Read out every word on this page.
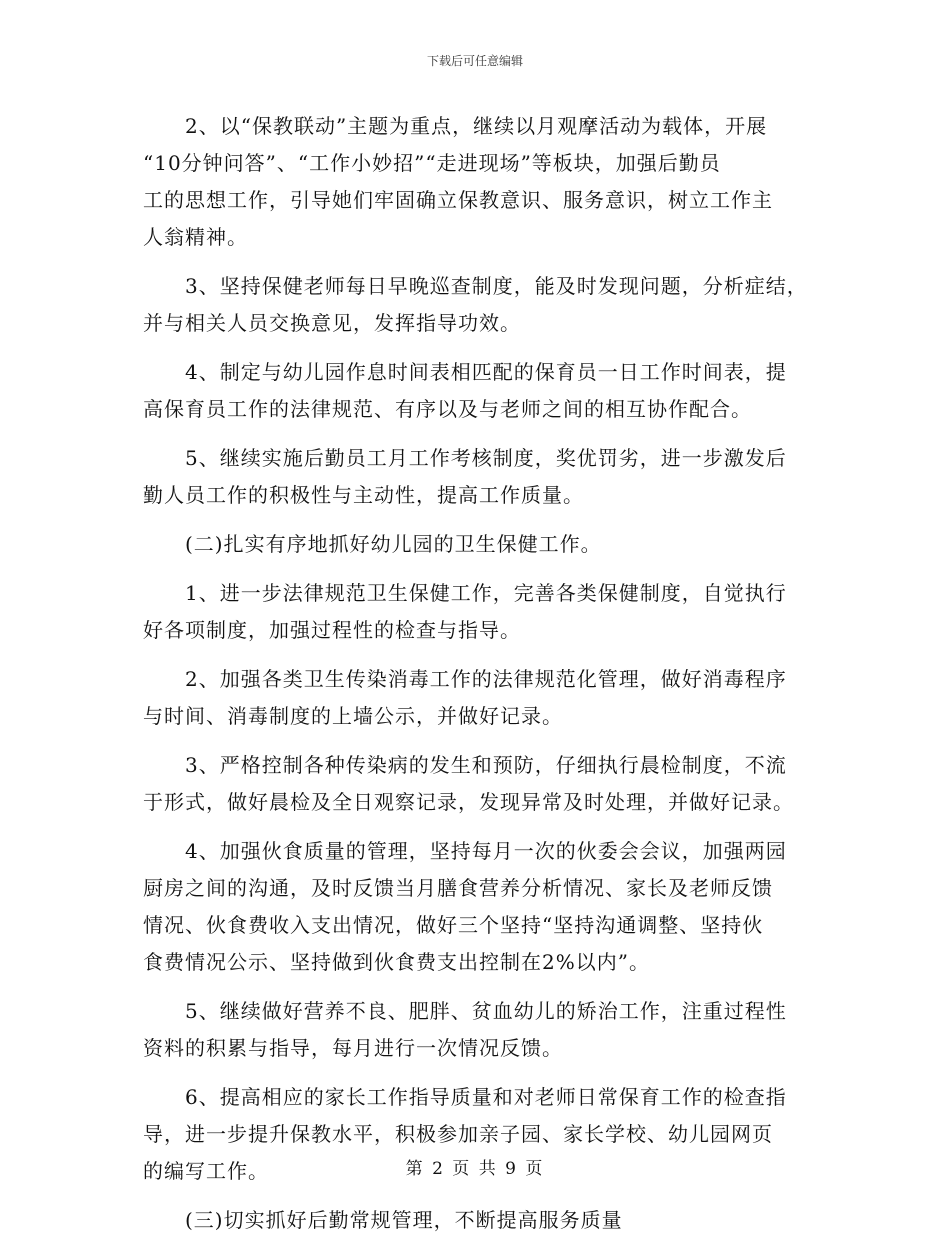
下载后可任意编辑

　　2、以“保教联动”主题为重点，继续以月观摩活动为载体，开展
“10分钟问答”、“工作小妙招”“走进现场”等板块，加强后勤员
工的思想工作，引导她们牢固确立保教意识、服务意识，树立工作主
人翁精神。

　　3、坚持保健老师每日早晚巡查制度，能及时发现问题，分析症结，
并与相关人员交换意见，发挥指导功效。

　　4、制定与幼儿园作息时间表相匹配的保育员一日工作时间表，提
高保育员工作的法律规范、有序以及与老师之间的相互协作配合。

　　5、继续实施后勤员工月工作考核制度，奖优罚劣，进一步激发后
勤人员工作的积极性与主动性，提高工作质量。

　　(二)扎实有序地抓好幼儿园的卫生保健工作。

　　1、进一步法律规范卫生保健工作，完善各类保健制度，自觉执行
好各项制度，加强过程性的检查与指导。

　　2、加强各类卫生传染消毒工作的法律规范化管理，做好消毒程序
与时间、消毒制度的上墙公示，并做好记录。

　　3、严格控制各种传染病的发生和预防，仔细执行晨检制度，不流
于形式，做好晨检及全日观察记录，发现异常及时处理，并做好记录。

　　4、加强伙食质量的管理，坚持每月一次的伙委会会议，加强两园
厨房之间的沟通，及时反馈当月膳食营养分析情况、家长及老师反馈
情况、伙食费收入支出情况，做好三个坚持“坚持沟通调整、坚持伙
食费情况公示、坚持做到伙食费支出控制在2%以内”。

　　5、继续做好营养不良、肥胖、贫血幼儿的矫治工作，注重过程性
资料的积累与指导，每月进行一次情况反馈。

　　6、提高相应的家长工作指导质量和对老师日常保育工作的检查指
导，进一步提升保教水平，积极参加亲子园、家长学校、幼儿园网页
的编写工作。

　　(三)切实抓好后勤常规管理，不断提高服务质量

第 2 页 共 9 页
